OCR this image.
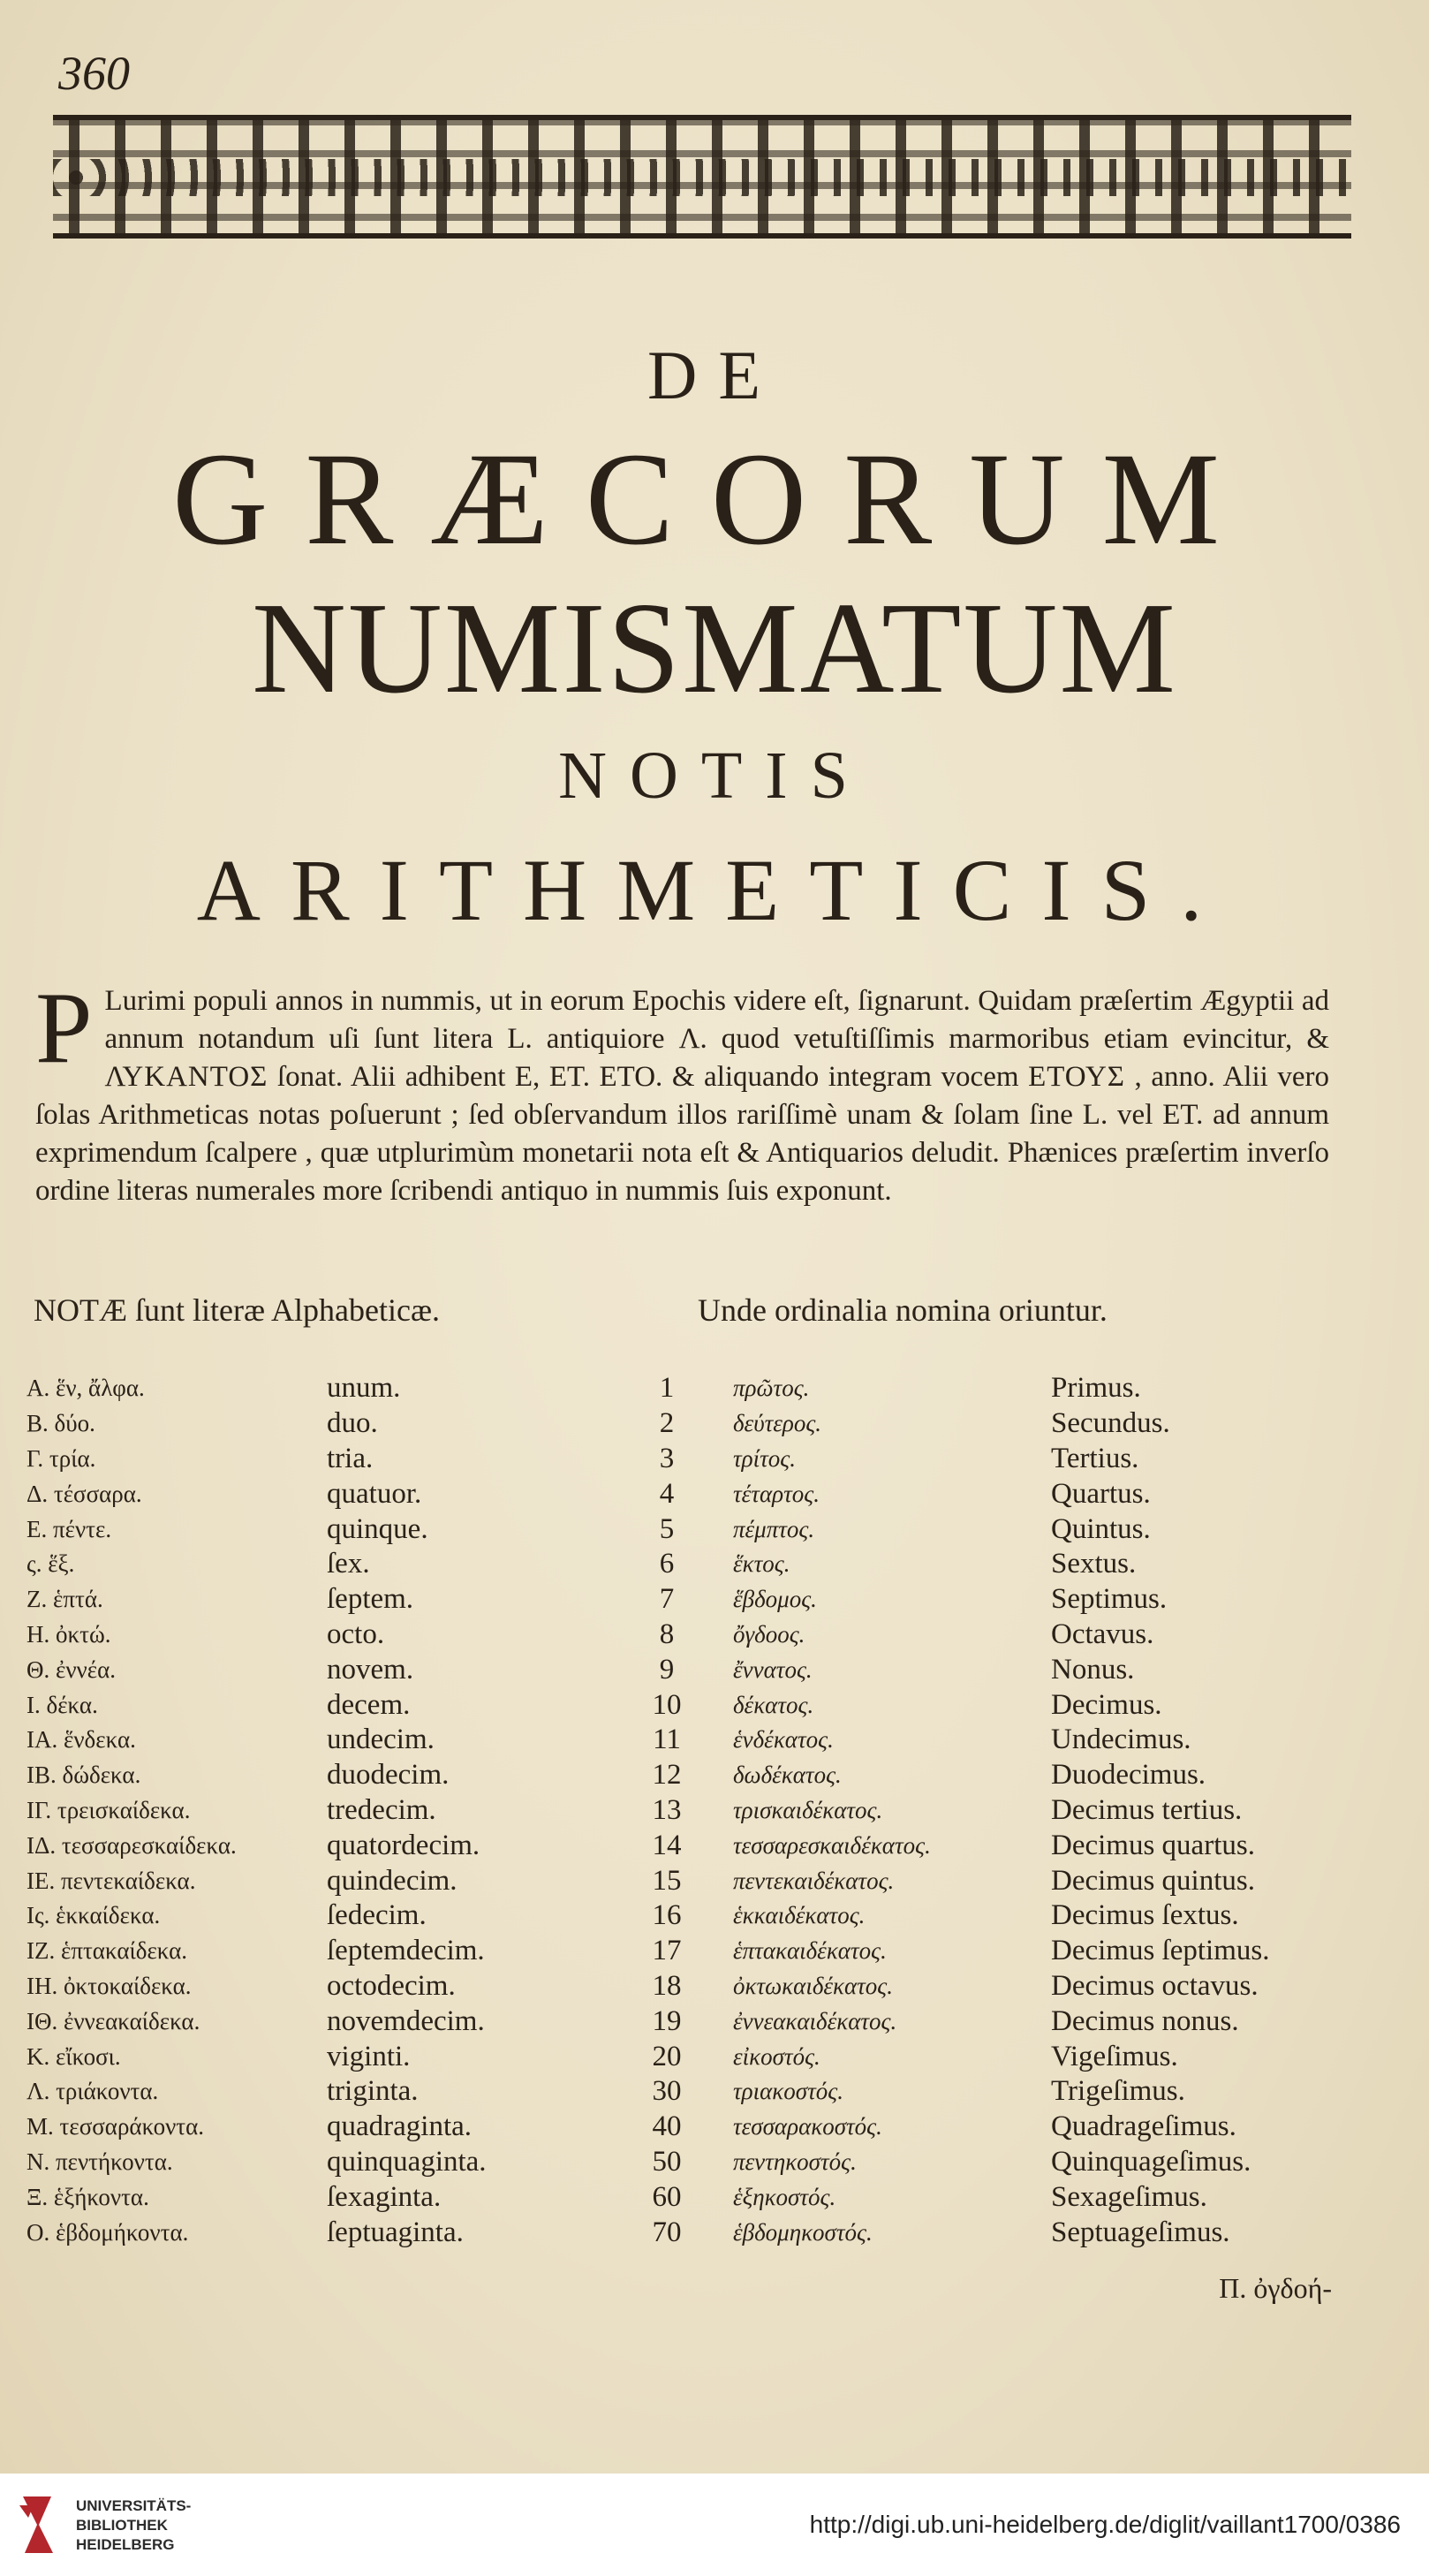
360
DE
GRÆCORUM
NUMISMATUM
NOTIS
ARITHMETICIS.
P Lurimi populi annos in nummis, ut in eorum Epochis videre eſt, ſignarunt. Quidam præſertim Ægyptii ad annum notandum uſi ſunt litera L. antiquiore Λ. quod vetuſtiſſimis marmoribus etiam evincitur, & ΛΥΚΑΝΤΟΣ ſonat. Alii adhibent Ε, ΕΤ. ΕΤΟ. & aliquando integram vocem ΕΤΟΥΣ , anno. Alii vero ſolas Arithmeticas notas poſuerunt ; ſed obſervandum illos rariſſimè unam & ſolam ſine L. vel ΕΤ. ad annum exprimendum ſcalpere , quæ utplurimùm monetarii nota eſt & Antiquarios deludit. Phænices præſertim inverſo ordine literas numerales more ſcribendi antiquo in nummis ſuis exponunt.
NOTÆ ſunt literæ Alphabeticæ.	Unde ordinalia nomina oriuntur.
Α. ἕν, ἄλφα.	unum.	1	πρῶτος.	Primus.
Β. δύο.	duo.	2	δεύτερος.	Secundus.
Γ. τρία.	tria.	3	τρίτος.	Tertius.
Δ. τέσσαρα.	quatuor.	4	τέταρτος.	Quartus.
Ε. πέντε.	quinque.	5	πέμπτος.	Quintus.
ς. ἕξ.	ſex.	6	ἕκτος.	Sextus.
Ζ. ἑπτά.	ſeptem.	7	ἕβδομος.	Septimus.
Η. ὀκτώ.	octo.	8	ὄγδοος.	Octavus.
Θ. ἐννέα.	novem.	9	ἔννατος.	Nonus.
Ι. δέκα.	decem.	10	δέκατος.	Decimus.
ΙΑ. ἕνδεκα.	undecim.	11	ἑνδέκατος.	Undecimus.
ΙΒ. δώδεκα.	duodecim.	12	δωδέκατος.	Duodecimus.
ΙΓ. τρεισκαίδεκα.	tredecim.	13	τρισκαιδέκατος.	Decimus tertius.
ΙΔ. τεσσαρεσκαίδεκα.	quatordecim.	14	τεσσαρεσκαιδέκατος.	Decimus quartus.
ΙΕ. πεντεκαίδεκα.	quindecim.	15	πεντεκαιδέκατος.	Decimus quintus.
Ις. ἑκκαίδεκα.	ſedecim.	16	ἑκκαιδέκατος.	Decimus ſextus.
ΙΖ. ἑπτακαίδεκα.	ſeptemdecim.	17	ἑπτακαιδέκατος.	Decimus ſeptimus.
ΙΗ. ὀκτοκαίδεκα.	octodecim.	18	ὀκτωκαιδέκατος.	Decimus octavus.
ΙΘ. ἐννεακαίδεκα.	novemdecim.	19	ἐννεακαιδέκατος.	Decimus nonus.
Κ. εἴκοσι.	viginti.	20	εἰκοστός.	Vigeſimus.
Λ. τριάκοντα.	triginta.	30	τριακοστός.	Trigeſimus.
Μ. τεσσαράκοντα.	quadraginta.	40	τεσσαρακοστός.	Quadrageſimus.
Ν. πεντήκοντα.	quinquaginta.	50	πεντηκοστός.	Quinquageſimus.
Ξ. ἑξήκοντα.	ſexaginta.	60	ἑξηκοστός.	Sexageſimus.
Ο. ἑβδομήκοντα.	ſeptuaginta.	70	ἑβδομηκοστός.	Septuageſimus.
Π. ὀγδοή-
UNIVERSITÄTS-
BIBLIOTHEK
HEIDELBERG
http://digi.ub.uni-heidelberg.de/diglit/vaillant1700/0386
